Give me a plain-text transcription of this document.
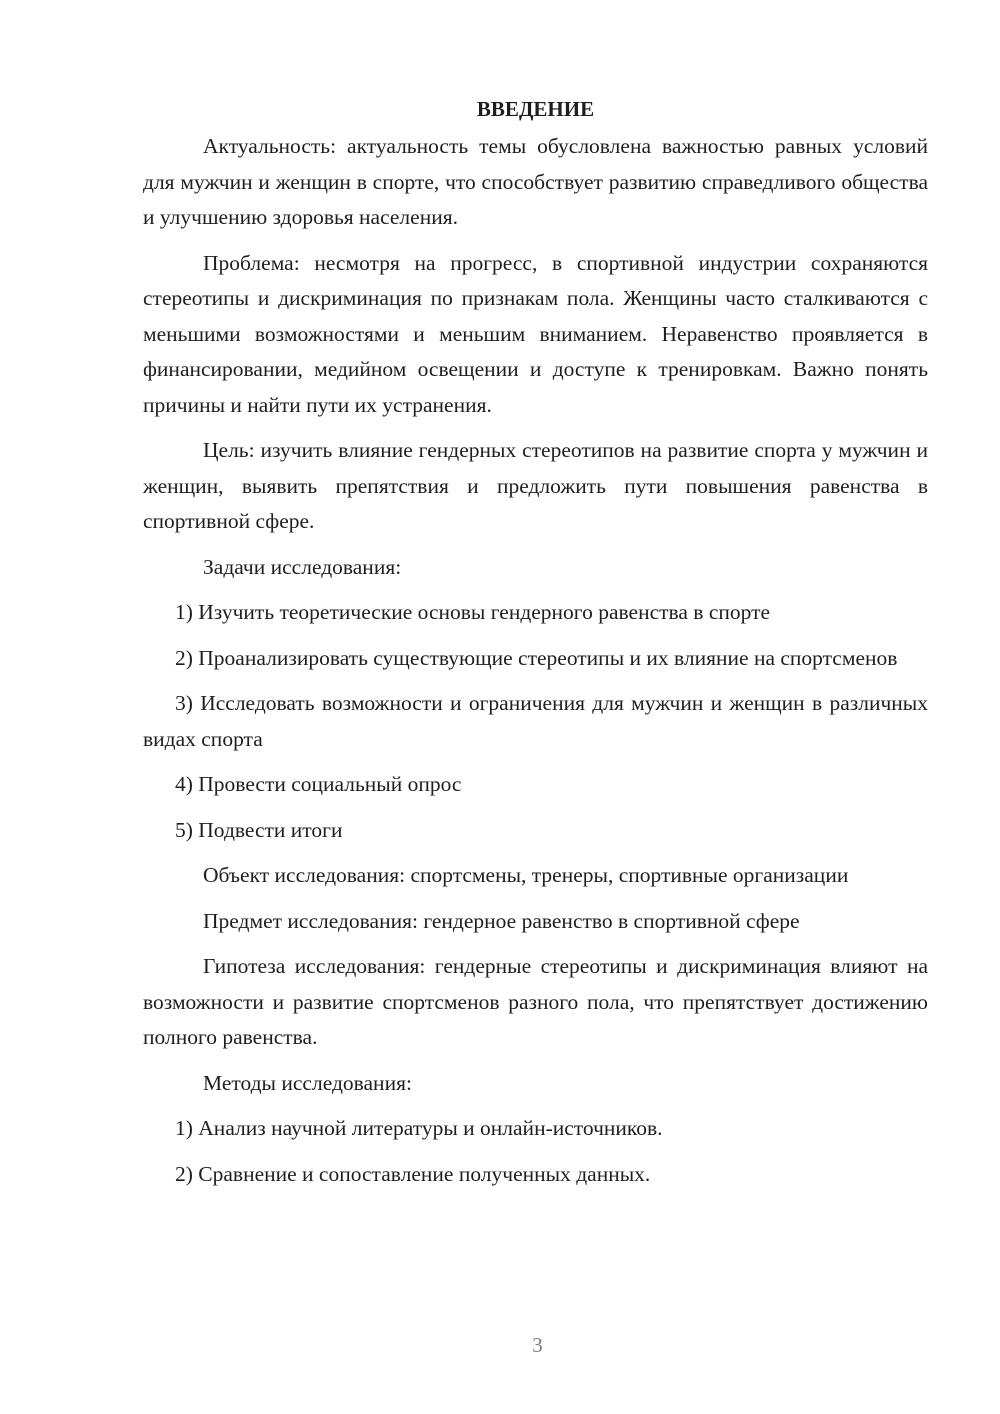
ВВЕДЕНИЕ

Актуальность: актуальность темы обусловлена важностью равных условий для мужчин и женщин в спорте, что способствует развитию справедливого общества и улучшению здоровья населения.

Проблема: несмотря на прогресс, в спортивной индустрии сохраняются стереотипы и дискриминация по признакам пола. Женщины часто сталкиваются с меньшими возможностями и меньшим вниманием. Неравенство проявляется в финансировании, медийном освещении и доступе к тренировкам. Важно понять причины и найти пути их устранения.

Цель: изучить влияние гендерных стереотипов на развитие спорта у мужчин и женщин, выявить препятствия и предложить пути повышения равенства в спортивной сфере.

Задачи исследования:

1) Изучить теоретические основы гендерного равенства в спорте

2) Проанализировать существующие стереотипы и их влияние на спортсменов

3) Исследовать возможности и ограничения для мужчин и женщин в различных видах спорта

4) Провести социальный опрос

5) Подвести итоги

Объект исследования: спортсмены, тренеры, спортивные организации

Предмет исследования: гендерное равенство в спортивной сфере

Гипотеза исследования: гендерные стереотипы и дискриминация влияют на возможности и развитие спортсменов разного пола, что препятствует достижению полного равенства.

Методы исследования:

1) Анализ научной литературы и онлайн-источников.

2) Сравнение и сопоставление полученных данных.

3
